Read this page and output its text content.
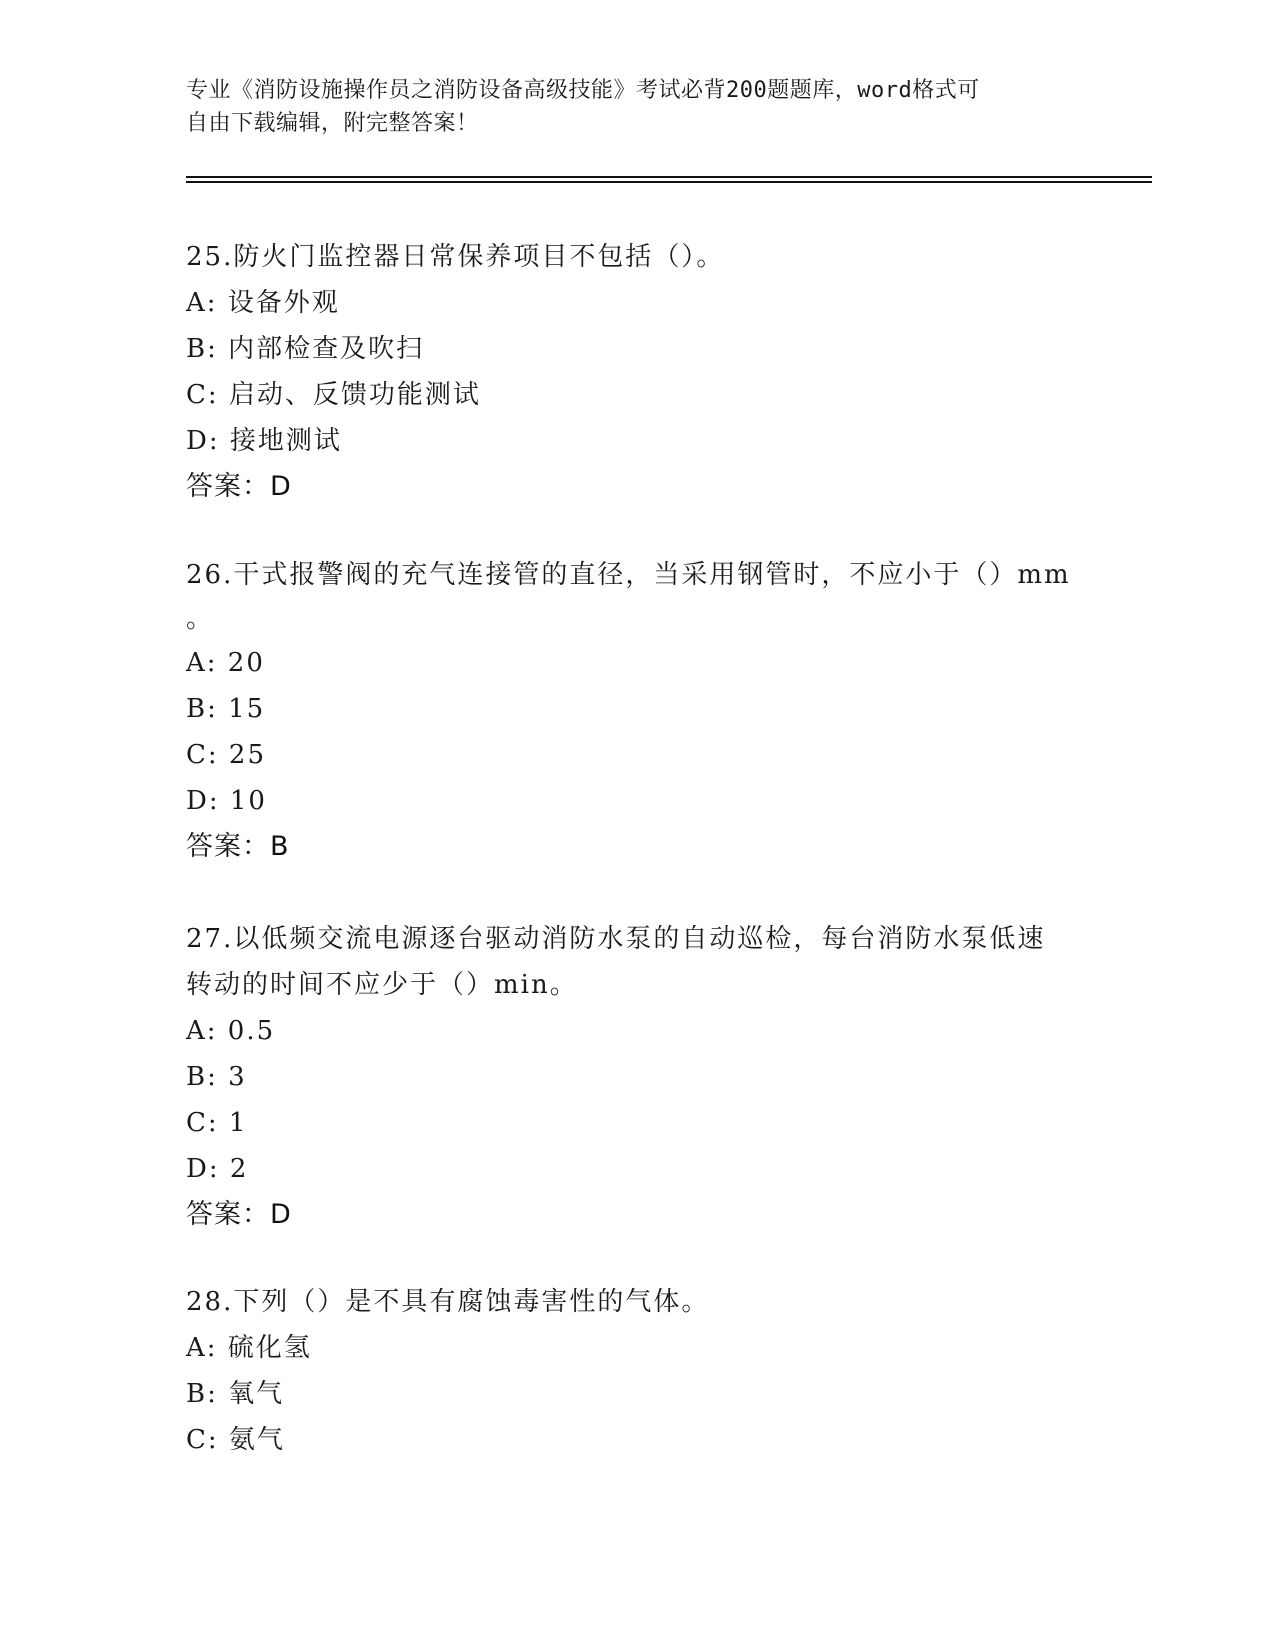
专业《消防设施操作员之消防设备高级技能》考试必背200题题库，word格式可
自由下载编辑，附完整答案！
25.防火门监控器日常保养项目不包括（）。
A: 设备外观
B: 内部检查及吹扫
C: 启动、反馈功能测试
D: 接地测试
答案：D
26.干式报警阀的充气连接管的直径，当采用钢管时，不应小于（）mm
。
A: 20
B: 15
C: 25
D: 10
答案：B
27.以低频交流电源逐台驱动消防水泵的自动巡检，每台消防水泵低速
转动的时间不应少于（）min。
A: 0.5
B: 3
C: 1
D: 2
答案：D
28.下列（）是不具有腐蚀毒害性的气体。
A: 硫化氢
B: 氧气
C: 氨气
